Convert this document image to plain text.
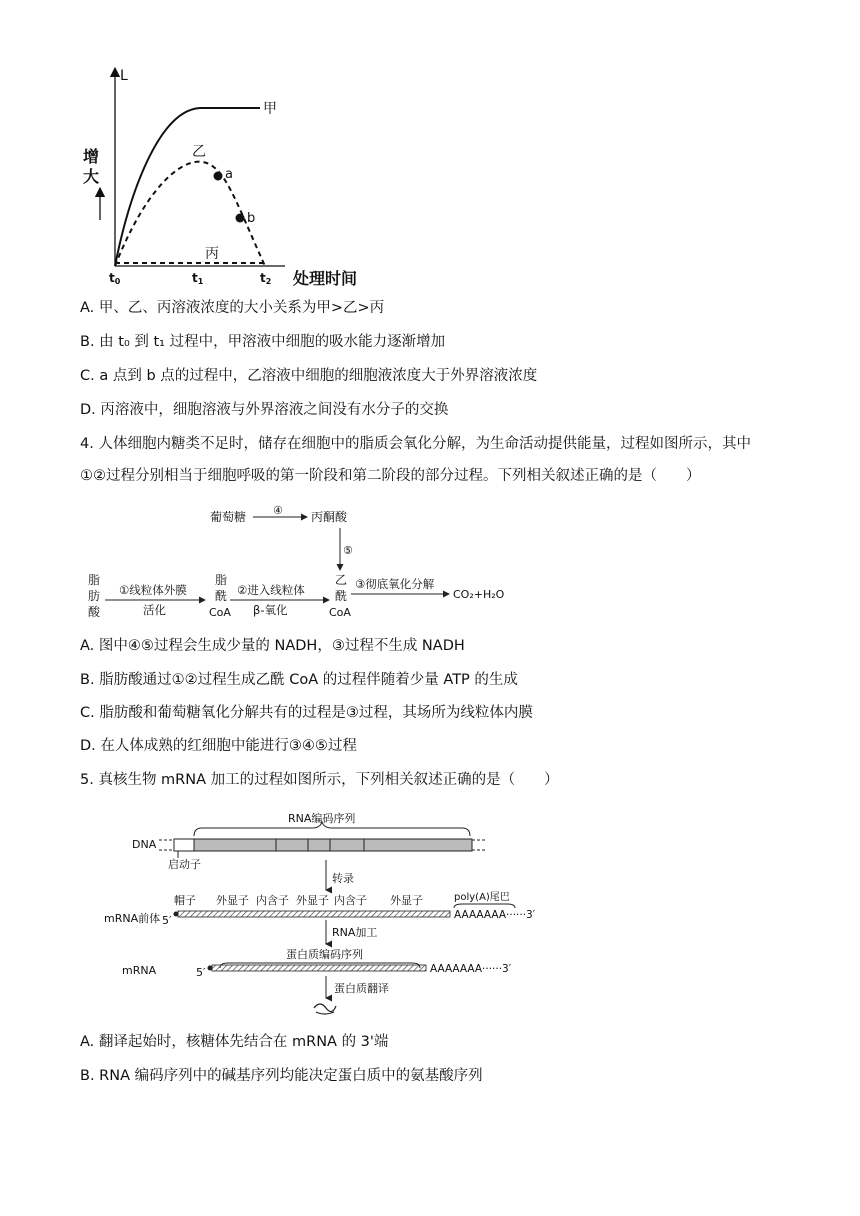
L
增
大
甲
乙
a
b
丙
t0	t1	t2 处理时间
A. 甲、乙、丙溶液浓度的大小关系为甲>乙>丙
B. 由 t₀ 到 t₁ 过程中，甲溶液中细胞的吸水能力逐渐增加
C. a 点到 b 点的过程中，乙溶液中细胞的细胞液浓度大于外界溶液浓度
D. 丙溶液中，细胞溶液与外界溶液之间没有水分子的交换
4. 人体细胞内糖类不足时，储存在细胞中的脂质会氧化分解，为生命活动提供能量，过程如图所示，其中
①②过程分别相当于细胞呼吸的第一阶段和第二阶段的部分过程。下列相关叙述正确的是（　　）
葡萄糖 ④ 丙酮酸
⑤
脂
肪
酸
①线粒体外膜
活化
脂
酰
CoA
②进入线粒体
β-氧化
乙
酰
CoA
③彻底氧化分解
CO₂+H₂O
A. 图中④⑤过程会生成少量的 NADH，③过程不生成 NADH
B. 脂肪酸通过①②过程生成乙酰 CoA 的过程伴随着少量 ATP 的生成
C. 脂肪酸和葡萄糖氧化分解共有的过程是③过程，其场所为线粒体内膜
D. 在人体成熟的红细胞中能进行③④⑤过程
5. 真核生物 mRNA 加工的过程如图所示，下列相关叙述正确的是（　　）
RNA编码序列
DNA
启动子
转录
帽子 外显子 内含子 外显子 内含子 外显子	poly(A)尾巴
mRNA前体 5′	AAAAAAA······3′
RNA加工
蛋白质编码序列
mRNA	5′	AAAAAAA······3′
蛋白质翻译
A. 翻译起始时，核糖体先结合在 mRNA 的 3'端
B. RNA 编码序列中的碱基序列均能决定蛋白质中的氨基酸序列
